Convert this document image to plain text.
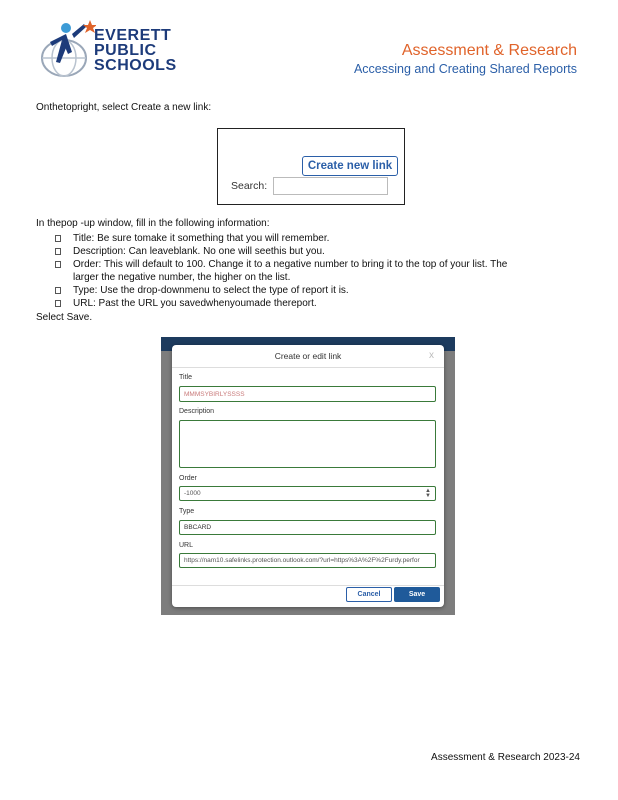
EVERETT
PUBLIC
SCHOOLS
Assessment & Research
Accessing and Creating Shared Reports
Onthetopright, select Create a new link:
Create new link
Search:
In thepop -up window, fill in the following information:
Title: Be sure tomake it something that you will remember.
Description: Can leaveblank. No one will seethis but you.
Order: This will default to 100. Change it to a negative number to bring it to the top of your list. The
larger the negative number, the higher on the list.
Type: Use the drop-downmenu to select the type of report it is.
URL: Past the URL you savedwhenyoumade thereport.
Select Save.
Create or edit link	x
Title
MMMSYBIRLYSSSS
Description
Order
-1000	▲
▼
Type
BBCARD
URL
https://nam10.safelinks.protection.outlook.com/?url=https%3A%2F%2Furdy.perfor
Cancel	Save
Assessment & Research 2023-24
